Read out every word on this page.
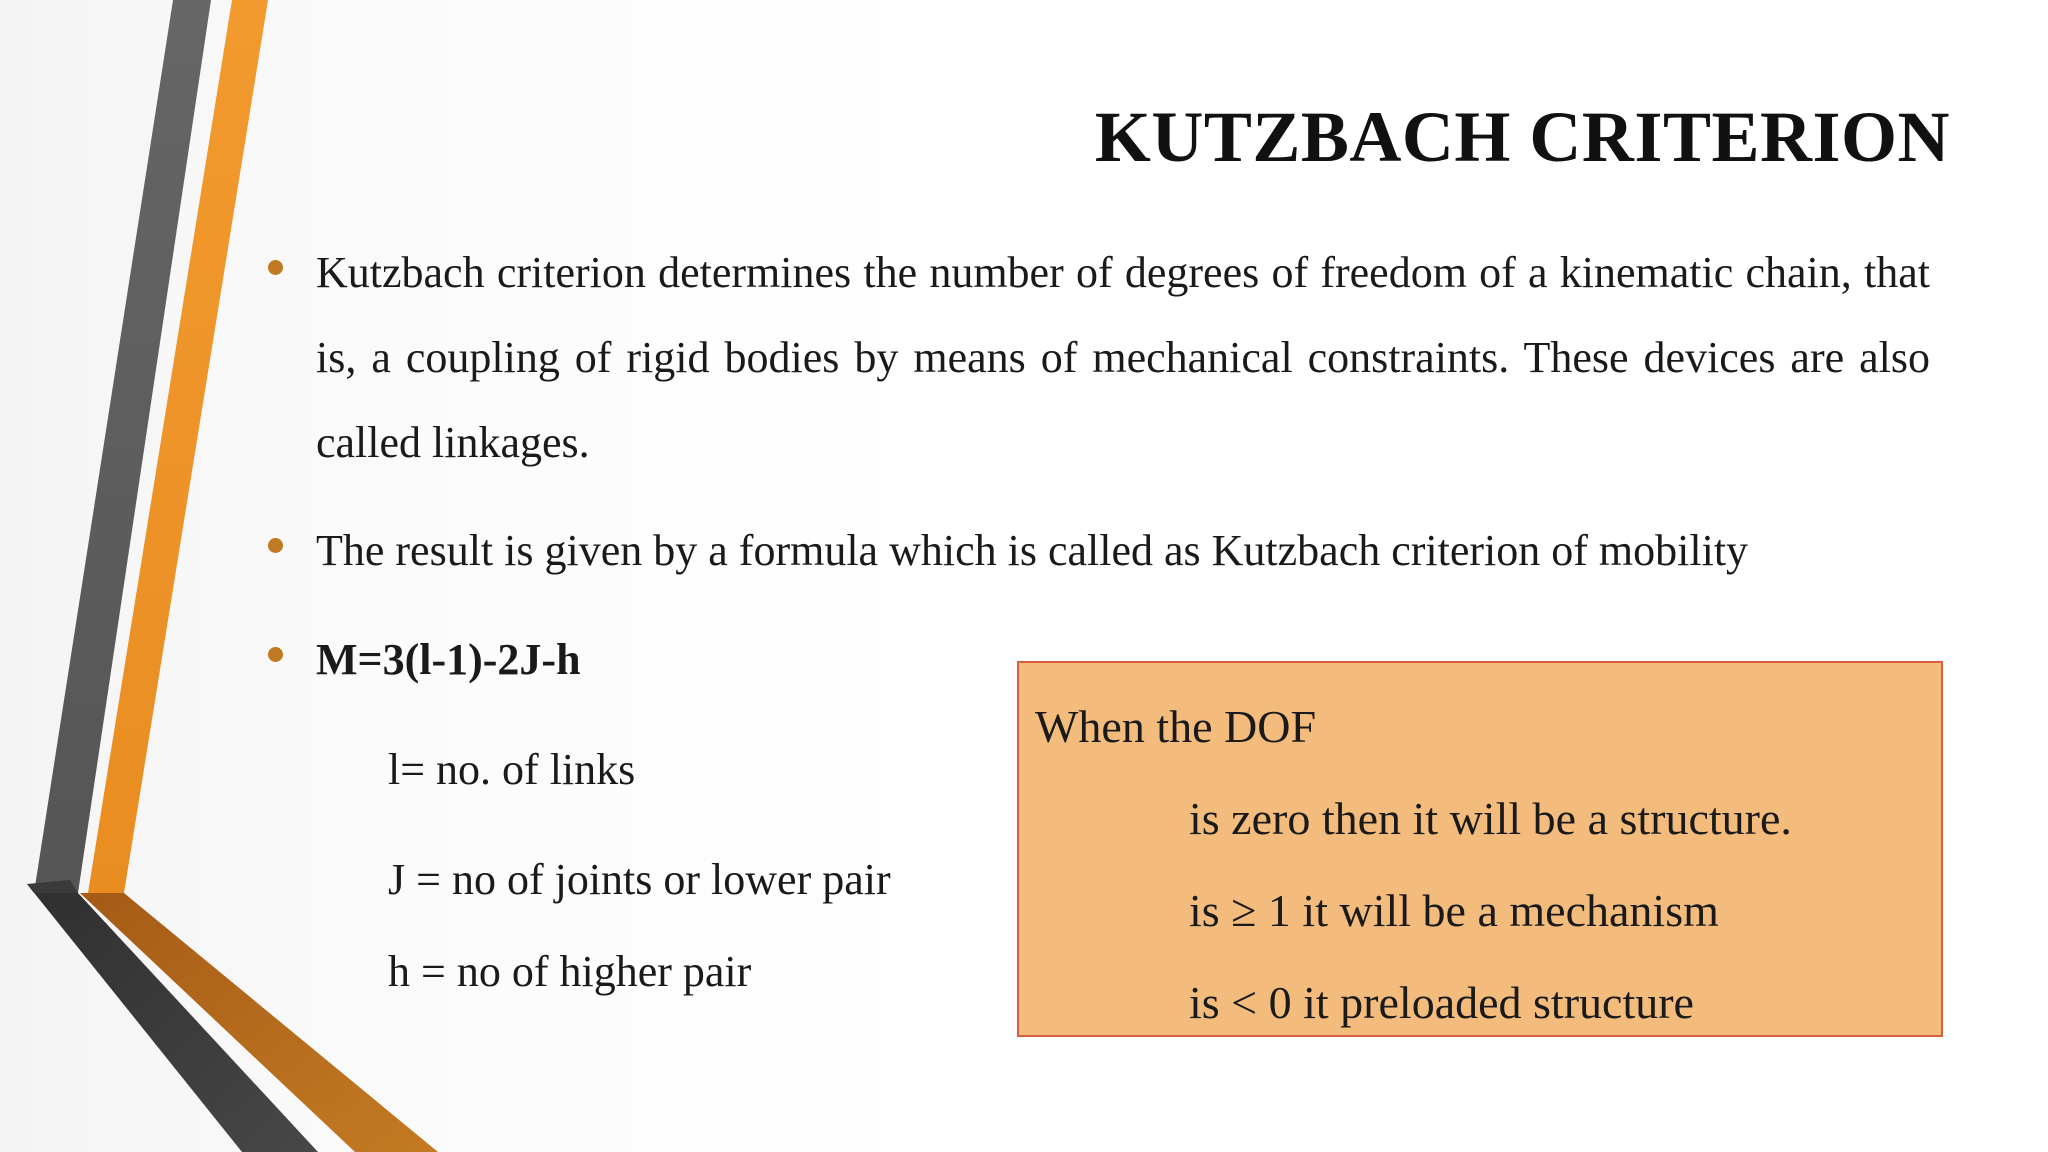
KUTZBACH CRITERION
Kutzbach criterion determines the number of degrees of freedom of a kinematic chain, that is, a coupling of rigid bodies by means of mechanical constraints. These devices are also called linkages.
The result is given by a formula which is called as Kutzbach criterion of mobility
M=3(l-1)-2J-h
l= no. of links
J = no of joints or lower pair
h = no of higher pair
When the DOF
is zero then it will be a structure.
is ≥ 1 it will be a mechanism
is < 0 it preloaded structure
